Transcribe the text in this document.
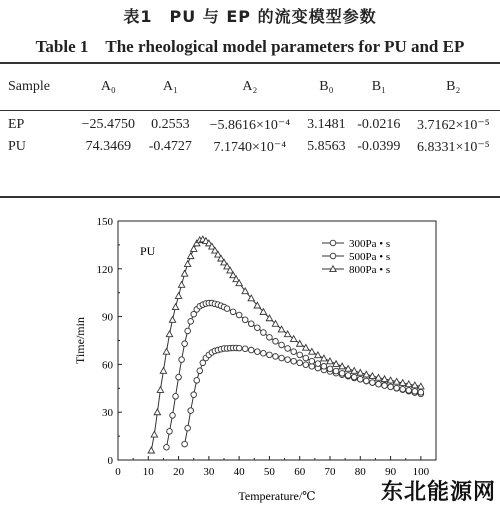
表1　PU 与 EP 的流变模型参数
Table 1　The rheological model parameters for PU and EP
Sample	A₀	A₁	A₂	B₀	B₁	B₂
EP	−25.4750	0.2553	−5.8616×10⁻⁴	3.1481	-0.0216	3.7162×10⁻⁵
PU	74.3469	-0.4727	7.1740×10⁻⁴	5.8563	-0.0399	6.8331×10⁻⁵
0 10 20 30 40 50 60 70 80 90 100
0
30
60
90
120
150
Temperature/℃
Time/min
PU	300Pa • s
500Pa • s
800Pa • s
东北能源网
